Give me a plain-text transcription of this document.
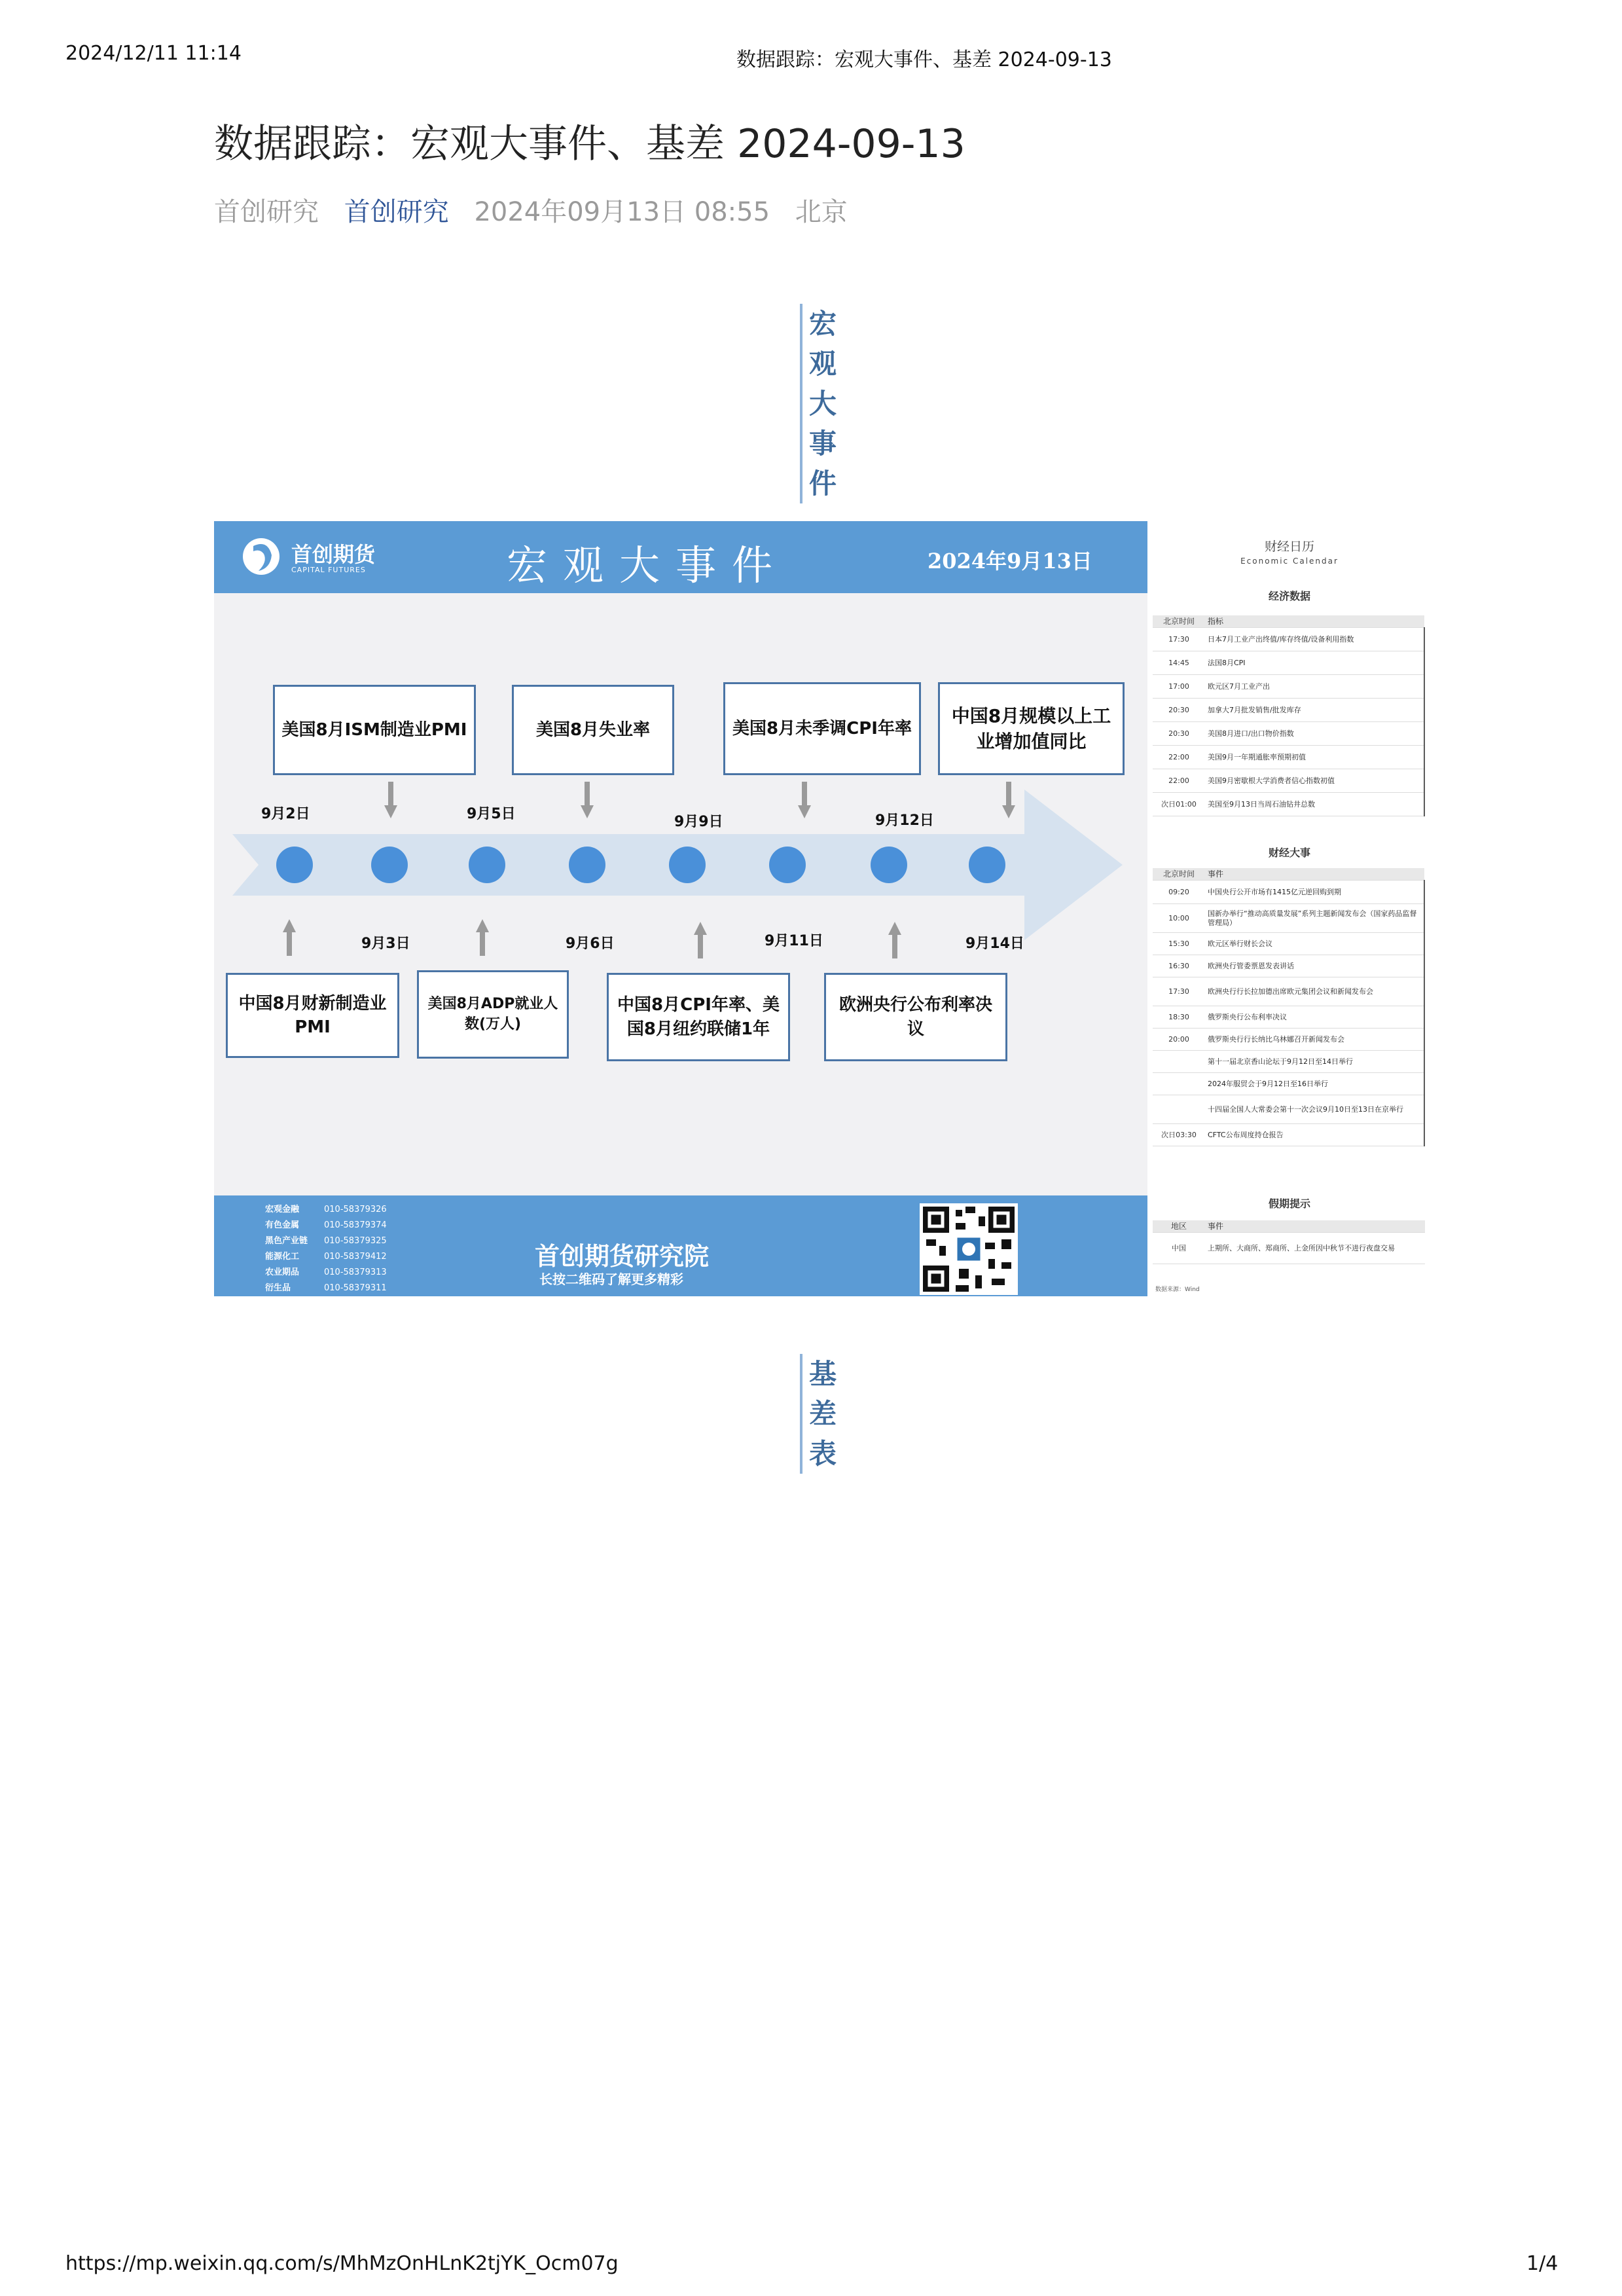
2024/12/11 11:14	数据跟踪：宏观大事件、基差 2024-09-13
数据跟踪：宏观大事件、基差 2024-09-13
首创研究 首创研究 2024年09月13日 08:55 北京
宏
观
大
事
件
首创期货
CAPITAL FUTURES	宏观大事件	2024年9月13日
美国8月ISM制造业PMI	美国8月失业率	美国8月未季调CPI年率
中国8月规模以上工业增加值同比
9月2日	9月5日	9月9日	9月12日
9月3日	9月6日	9月11日	9月14日
中国8月财新制造业PMI
美国8月ADP就业人数(万人)
中国8月CPI年率、美国8月纽约联储1年
欧洲央行公布利率决议
宏观金融	010-58379326
有色金属	010-58379374
黑色产业链 010-58379325
能源化工	010-58379412
农业期品	010-58379313
衍生品	010-58379311
首创期货研究院
长按二维码了解更多精彩
财经日历
Economic Calendar
经济数据
北京时间	指标
17:30	日本7月工业产出终值/库存终值/设备利用指数
14:45	法国8月CPI
17:00	欧元区7月工业产出
20:30	加拿大7月批发销售/批发库存
20:30	美国8月进口/出口物价指数
22:00	美国9月一年期通胀率预期初值
22:00	美国9月密歇根大学消费者信心指数初值
次日01:00	美国至9月13日当周石油钻井总数
财经大事
北京时间	事件
09:20	中国央行公开市场有1415亿元逆回购到期
10:00	国新办举行“推动高质量发展”系列主题新闻发布会（国家药品监督管理局）
15:30	欧元区举行财长会议
16:30	欧洲央行管委票恩发表讲话
17:30	欧洲央行行长拉加德出席欧元集团会议和新闻发布会
18:30	俄罗斯央行公布利率决议
20:00	俄罗斯央行行长纳比乌林娜召开新闻发布会
	第十一届北京香山论坛于9月12日至14日举行
	2024年服贸会于9月12日至16日举行
	十四届全国人大常委会第十一次会议9月10日至13日在京举行
次日03:30	CFTC公布周度持仓报告
假期提示
地区	事件
中国	上期所、大商所、郑商所、上金所因中秋节不进行夜盘交易
数据来源：Wind
基
差
表
https://mp.weixin.qq.com/s/MhMzOnHLnK2tjYK_Ocm07g	1/4
